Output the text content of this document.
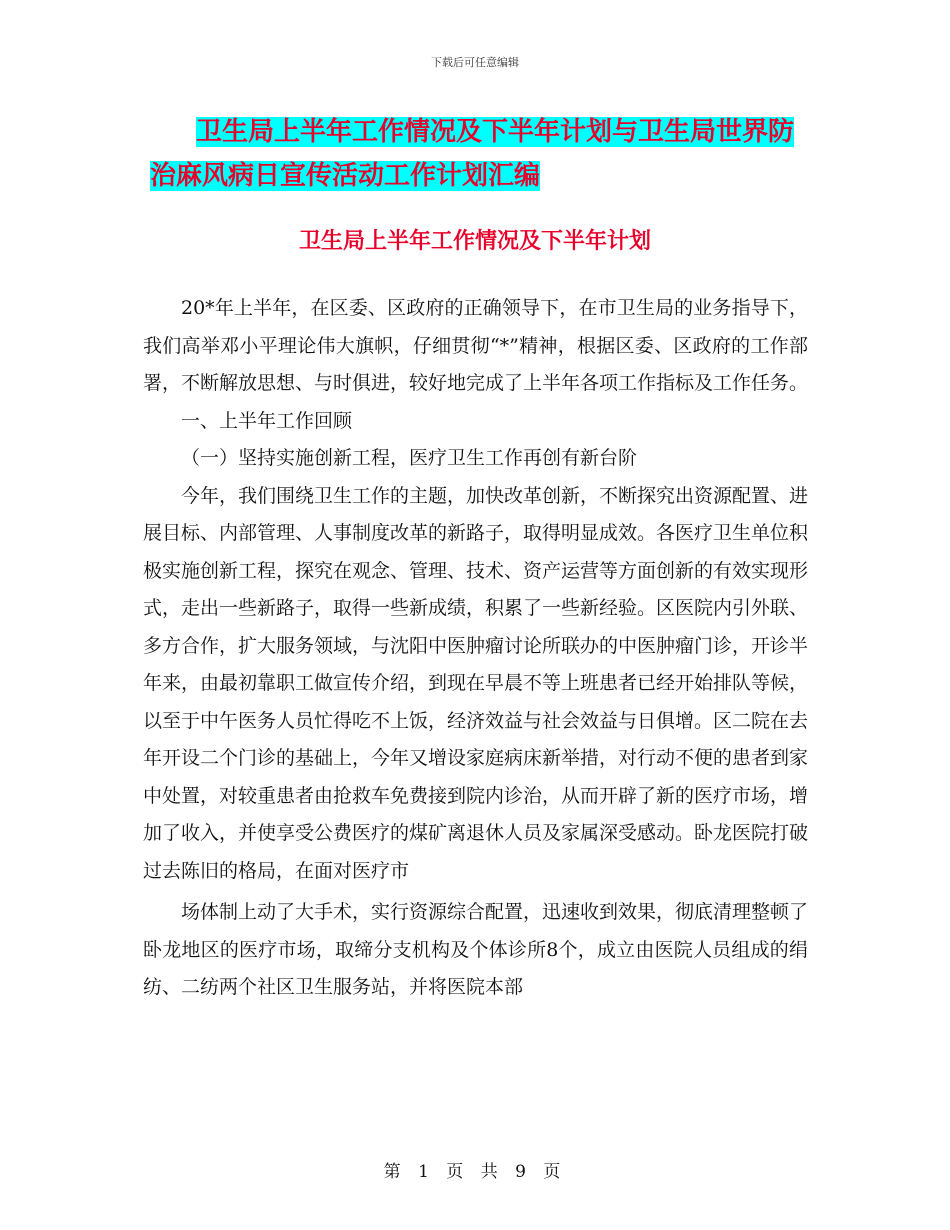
下载后可任意编辑
卫生局上半年工作情况及下半年计划与卫生局世界防
治麻风病日宣传活动工作计划汇编
卫生局上半年工作情况及下半年计划

20*年上半年，在区委、区政府的正确领导下，在市卫生局的业务指导下，我们高举邓小平理论伟大旗帜，仔细贯彻“*”精神，根据区委、区政府的工作部署，不断解放思想、与时俱进，较好地完成了上半年各项工作指标及工作任务。

一、上半年工作回顾

（一）坚持实施创新工程，医疗卫生工作再创有新台阶

今年，我们围绕卫生工作的主题，加快改革创新，不断探究出资源配置、进展目标、内部管理、人事制度改革的新路子，取得明显成效。各医疗卫生单位积极实施创新工程，探究在观念、管理、技术、资产运营等方面创新的有效实现形式，走出一些新路子，取得一些新成绩，积累了一些新经验。区医院内引外联、多方合作，扩大服务领域，与沈阳中医肿瘤讨论所联办的中医肿瘤门诊，开诊半年来，由最初靠职工做宣传介绍，到现在早晨不等上班患者已经开始排队等候，以至于中午医务人员忙得吃不上饭，经济效益与社会效益与日俱增。区二院在去年开设二个门诊的基础上，今年又增设家庭病床新举措，对行动不便的患者到家中处置，对较重患者由抢救车免费接到院内诊治，从而开辟了新的医疗市场，增加了收入，并使享受公费医疗的煤矿离退休人员及家属深受感动。卧龙医院打破过去陈旧的格局，在面对医疗市

场体制上动了大手术，实行资源综合配置，迅速收到效果，彻底清理整顿了卧龙地区的医疗市场，取缔分支机构及个体诊所8个，成立由医院人员组成的绢纺、二纺两个社区卫生服务站，并将医院本部

第 1 页 共 9 页
